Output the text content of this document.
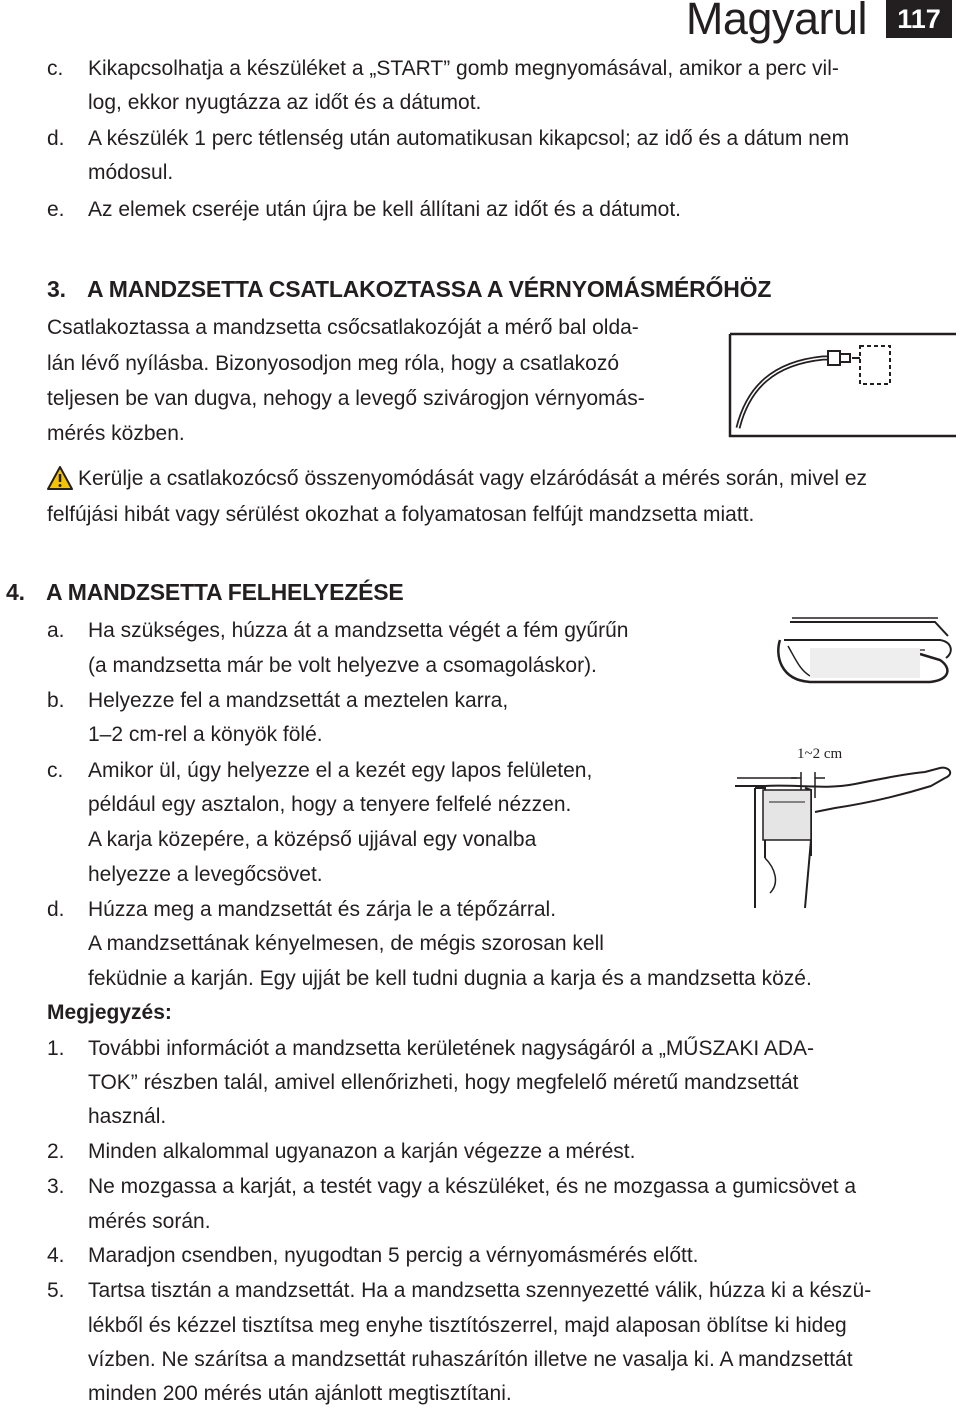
Magyarul	117
c. Kikapcsolhatja a készüléket a „START” gomb megnyomásával, amikor a perc vil-
log, ekkor nyugtázza az időt és a dátumot.
d. A készülék 1 perc tétlenség után automatikusan kikapcsol; az idő és a dátum nem
módosul.
e. Az elemek cseréje után újra be kell állítani az időt és a dátumot.
3. A MANDZSETTA CSATLAKOZTASSA A VÉRNYOMÁSMÉRŐHÖZ
Csatlakoztassa a mandzsetta csőcsatlakozóját a mérő bal olda-
lán lévő nyílásba. Bizonyosodjon meg róla, hogy a csatlakozó
teljesen be van dugva, nehogy a levegő szivárogjon vérnyomás-
mérés közben.
Kerülje a csatlakozócső összenyomódását vagy elzáródását a mérés során, mivel ez
felfújási hibát vagy sérülést okozhat a folyamatosan felfújt mandzsetta miatt.
4. A MANDZSETTA FELHELYEZÉSE
a. Ha szükséges, húzza át a mandzsetta végét a fém gyűrűn
(a mandzsetta már be volt helyezve a csomagoláskor).
b. Helyezze fel a mandzsettát a meztelen karra,
1–2 cm-rel a könyök fölé.
c. Amikor ül, úgy helyezze el a kezét egy lapos felületen,
például egy asztalon, hogy a tenyere felfelé nézzen.
A karja közepére, a középső ujjával egy vonalba
helyezze a levegőcsövet.
d. Húzza meg a mandzsettát és zárja le a tépőzárral.
A mandzsettának kényelmesen, de mégis szorosan kell
feküdnie a karján. Egy ujját be kell tudni dugnia a karja és a mandzsetta közé.
1~2 cm
Megjegyzés:
1. További információt a mandzsetta kerületének nagyságáról a „MŰSZAKI ADA-
TOK” részben talál, amivel ellenőrizheti, hogy megfelelő méretű mandzsettát
használ.
2. Minden alkalommal ugyanazon a karján végezze a mérést.
3. Ne mozgassa a karját, a testét vagy a készüléket, és ne mozgassa a gumicsövet a
mérés során.
4. Maradjon csendben, nyugodtan 5 percig a vérnyomásmérés előtt.
5. Tartsa tisztán a mandzsettát. Ha a mandzsetta szennyezetté válik, húzza ki a készü-
lékből és kézzel tisztítsa meg enyhe tisztítószerrel, majd alaposan öblítse ki hideg
vízben. Ne szárítsa a mandzsettát ruhaszárítón illetve ne vasalja ki. A mandzsettát
minden 200 mérés után ajánlott megtisztítani.
